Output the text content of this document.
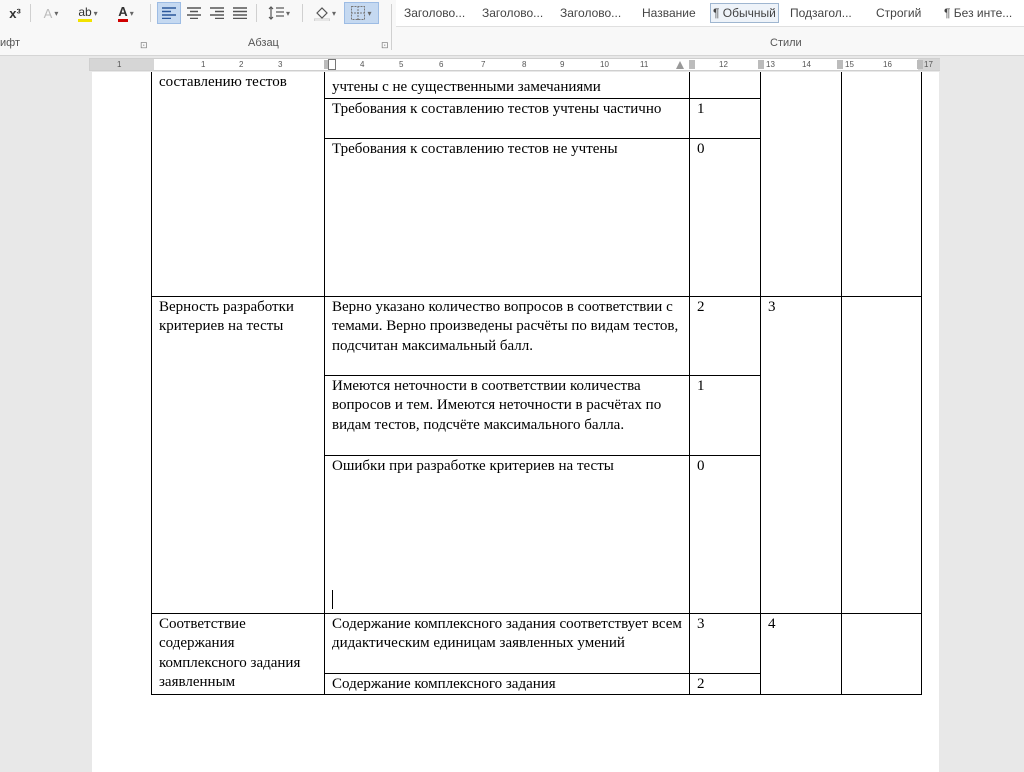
x³ A ▾ ab ▾ A ▾	▾	▾	▾	Заголово... Заголово... Заголово... Название ¶ Обычный Подзагол... Строгий ¶ Без инте...
ифт	⊡	Абзац	⊡	Стили
1	1	2	3	4	5	6	7	8	9	10	11	12	13	14	15	16	17
составлению тестов	учтены с не существенными замечаниями			
	Требования к составлению тестов учтены частично	1		
	Требования к составлению тестов не учтены	0		
Верность разработки критериев на тесты	Верно указано количество вопросов в соответствии с темами. Верно произведены расчёты по видам тестов, подсчитан максимальный балл.	2	3	
	Имеются неточности в соответствии количества вопросов и тем. Имеются неточности в расчётах по видам тестов, подсчёте максимального балла.	1		
	Ошибки при разработке критериев на тесты	0		
Соответствие содержания комплексного задания заявленным	Содержание комплексного задания соответствует всем дидактическим единицам заявленных умений	3	4	
	Содержание комплексного задания	2		
